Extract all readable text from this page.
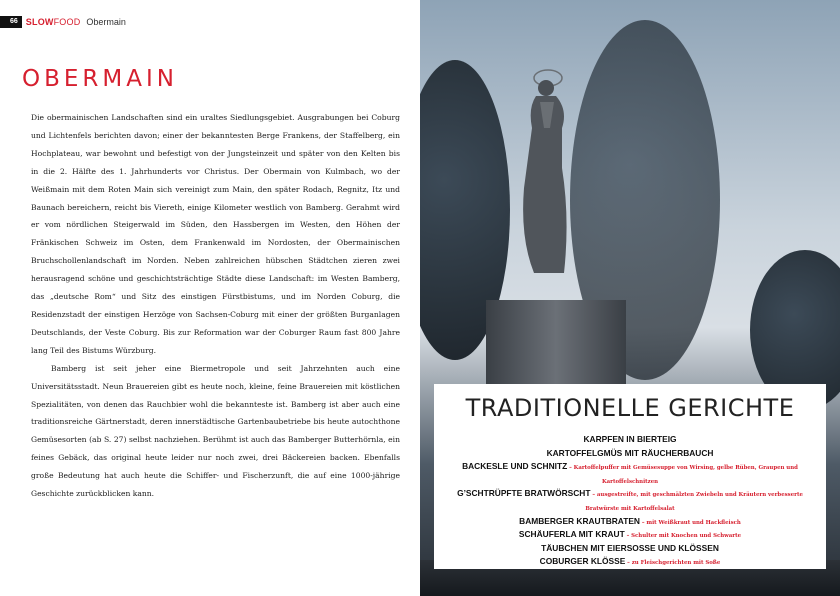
66 SLOW FOOD Obermain
OBERMAIN

Die obermainischen Landschaften sind ein uraltes Siedlungsgebiet. Ausgrabungen bei Coburg und Lichtenfels berichten davon; einer der bekanntesten Berge Frankens, der Staffelberg, ein Hochplateau, war bewohnt und befestigt von der Jungsteinzeit und später von den Kelten bis in die 2. Hälfte des 1. Jahrhunderts vor Christus. Der Obermain von Kulmbach, wo der Weißmain mit dem Roten Main sich vereinigt zum Main, den später Rodach, Regnitz, Itz und Baunach bereichern, reicht bis Viereth, einige Kilometer westlich von Bamberg. Gerahmt wird er vom nördlichen Steigerwald im Süden, den Hassbergen im Westen, den Höhen der Fränkischen Schweiz im Osten, dem Frankenwald im Nordosten, der Obermainischen Bruchschollenlandschaft im Norden. Neben zahlreichen hübschen Städtchen zieren zwei herausragend schöne und geschichtsträchtige Städte diese Landschaft: im Westen Bamberg, das „deutsche Rom“ und Sitz des einstigen Fürstbistums, und im Norden Coburg, die Residenzstadt der einstigen Herzöge von Sachsen-Coburg mit einer der größten Burganlagen Deutschlands, der Veste Coburg. Bis zur Reformation war der Coburger Raum fast 800 Jahre lang Teil des Bistums Würzburg.

Bamberg ist seit jeher eine Biermetropole und seit Jahrzehnten auch eine Universitätsstadt. Neun Brauereien gibt es heute noch, kleine, feine Brauereien mit köstlichen Spezialitäten, von denen das Rauchbier wohl die bekannteste ist. Bamberg ist aber auch eine traditionsreiche Gärtnerstadt, deren innerstädtische Gartenbaubetriebe bis heute autochthone Gemüsesorten (ab S. 27) selbst nachziehen. Berühmt ist auch das Bamberger Butterhörnla, ein feines Gebäck, das original heute leider nur noch zwei, drei Bäckereien backen. Ebenfalls große Bedeutung hat auch heute die Schiffer- und Fischerzunft, die auf eine 1000-jährige Geschichte zurückblicken kann.

TRADITIONELLE GERICHTE
KARPFEN IN BIERTEIG
KARTOFFELGMÜS MIT RÄUCHERBAUCH
BACKESLE UND SCHNITZ – Kartoffelpuffer mit Gemüsesuppe von Wirsing, gelbe Rüben, Graupen und Kartoffelschnitzen
G’SCHTRÜPFTE BRATWÖRSCHT – ausgestreifte, mit geschmälzten Zwiebeln und Kräutern verbesserte Bratwürste mit Kartoffelsalat
BAMBERGER KRAUTBRATEN – mit Weißkraut und Hackfleisch
SCHÄUFERLA MIT KRAUT – Schulter mit Knochen und Schwarte
TÄUBCHEN MIT EIERSOSSE UND KLÖSSEN
COBURGER KLÖSSE – zu Fleischgerichten mit Soße
